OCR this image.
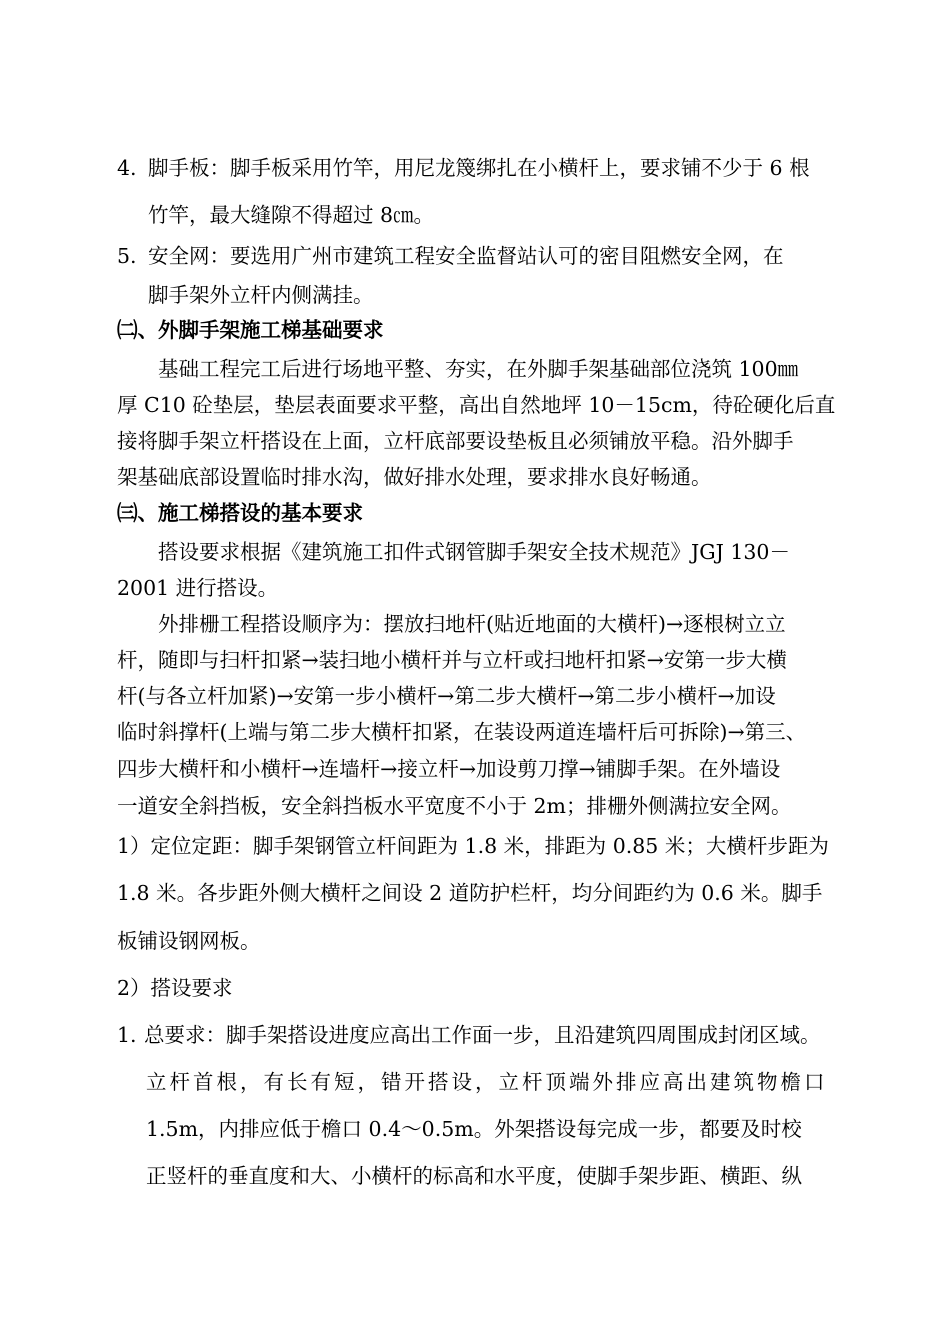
4. 脚手板：脚手板采用竹竿，用尼龙篾绑扎在小横杆上，要求铺不少于 6 根
竹竿，最大缝隙不得超过 8㎝。
5. 安全网：要选用广州市建筑工程安全监督站认可的密目阻燃安全网，在
脚手架外立杆内侧满挂。
㈡、外脚手架施工梯基础要求
基础工程完工后进行场地平整、夯实，在外脚手架基础部位浇筑 100㎜
厚 C10 砼垫层，垫层表面要求平整，高出自然地坪 10－15cm，待砼硬化后直
接将脚手架立杆搭设在上面，立杆底部要设垫板且必须铺放平稳。沿外脚手
架基础底部设置临时排水沟，做好排水处理，要求排水良好畅通。
㈢、施工梯搭设的基本要求
搭设要求根据《建筑施工扣件式钢管脚手架安全技术规范》JGJ 130－
2001 进行搭设。
外排栅工程搭设顺序为：摆放扫地杆(贴近地面的大横杆)→逐根树立立
杆，随即与扫杆扣紧→装扫地小横杆并与立杆或扫地杆扣紧→安第一步大横
杆(与各立杆加紧)→安第一步小横杆→第二步大横杆→第二步小横杆→加设
临时斜撑杆(上端与第二步大横杆扣紧，在装设两道连墙杆后可拆除)→第三、
四步大横杆和小横杆→连墙杆→接立杆→加设剪刀撑→铺脚手架。在外墙设
一道安全斜挡板，安全斜挡板水平宽度不小于 2m；排栅外侧满拉安全网。
1）定位定距：脚手架钢管立杆间距为 1.8 米，排距为 0.85 米；大横杆步距为
1.8 米。各步距外侧大横杆之间设 2 道防护栏杆，均分间距约为 0.6 米。脚手
板铺设钢网板。
2）搭设要求
1. 总要求：脚手架搭设进度应高出工作面一步，且沿建筑四周围成封闭区域。
立杆首根，有长有短，错开搭设，立杆顶端外排应高出建筑物檐口
1.5m，内排应低于檐口 0.4～0.5m。外架搭设每完成一步，都要及时校
正竖杆的垂直度和大、小横杆的标高和水平度，使脚手架步距、横距、纵
